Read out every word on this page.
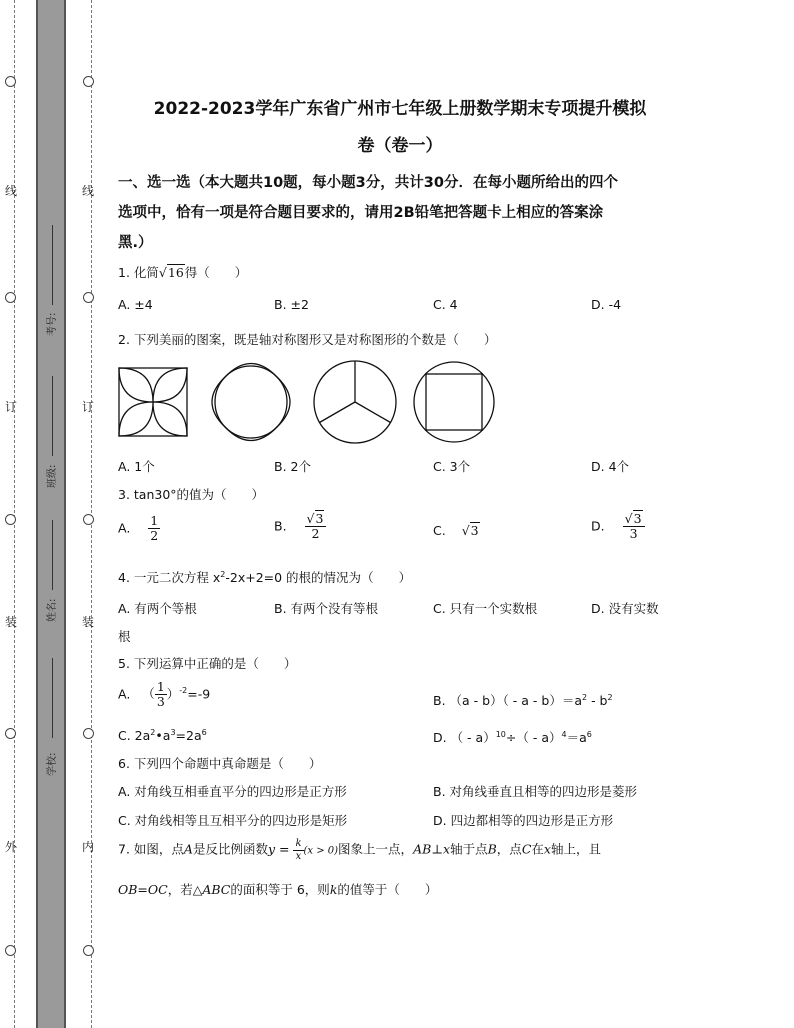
线
订
装
外
线
订
装
内
考号:
班级:
姓名:
学校:
2022-2023学年广东省广州市七年级上册数学期末专项提升模拟
卷（卷一）
一、选一选（本大题共10题，每小题3分，共计30分．在每小题所给出的四个
选项中，恰有一项是符合题目要求的，请用2B铅笔把答题卡上相应的答案涂
黑.）
1. 化简√16得（　　）
A. ±4	B. ±2	C. 4	D. -4
2. 下列美丽的图案，既是轴对称图形又是对称图形的个数是（　　）
A. 1个	B. 2个	C. 3个	D. 4个
3. tan30°的值为（　　）
A. $\frac{1}{2}$	B. $\frac{√3}{2}$	C. √3	D. $\frac{√3}{3}$
4. 一元二次方程 $x^2-2x+2=0$ 的根的情况为（　　）
A. 有两个等根	B. 有两个没有等根	C. 只有一个实数根	D. 没有实数
根
5. 下列运算中正确的是（　　）
A. （ $\frac{1}{3} )^{-2}=-9$	B. $(a - b)( - a - b)=a^2 - b^2$
C. $2a^2•a^3=2a^6$	D. （ - $a)^{10}\div( - a)^4=a^6$
6. 下列四个命题中真命题是（　　）
A. 对角线互相垂直平分的四边形是正方形	B. 对角线垂直且相等的四边形是菱形
C. 对角线相等且互相平分的四边形是矩形	D. 四边都相等的四边形是正方形
7. 如图，点A是反比例函数$y = \frac{k}{x} (x > 0)$图象上一点，AB⊥x轴于点B，点C在x轴上，且
OB=OC，若△ABC的面积等于 6，则k的值等于（　　）
